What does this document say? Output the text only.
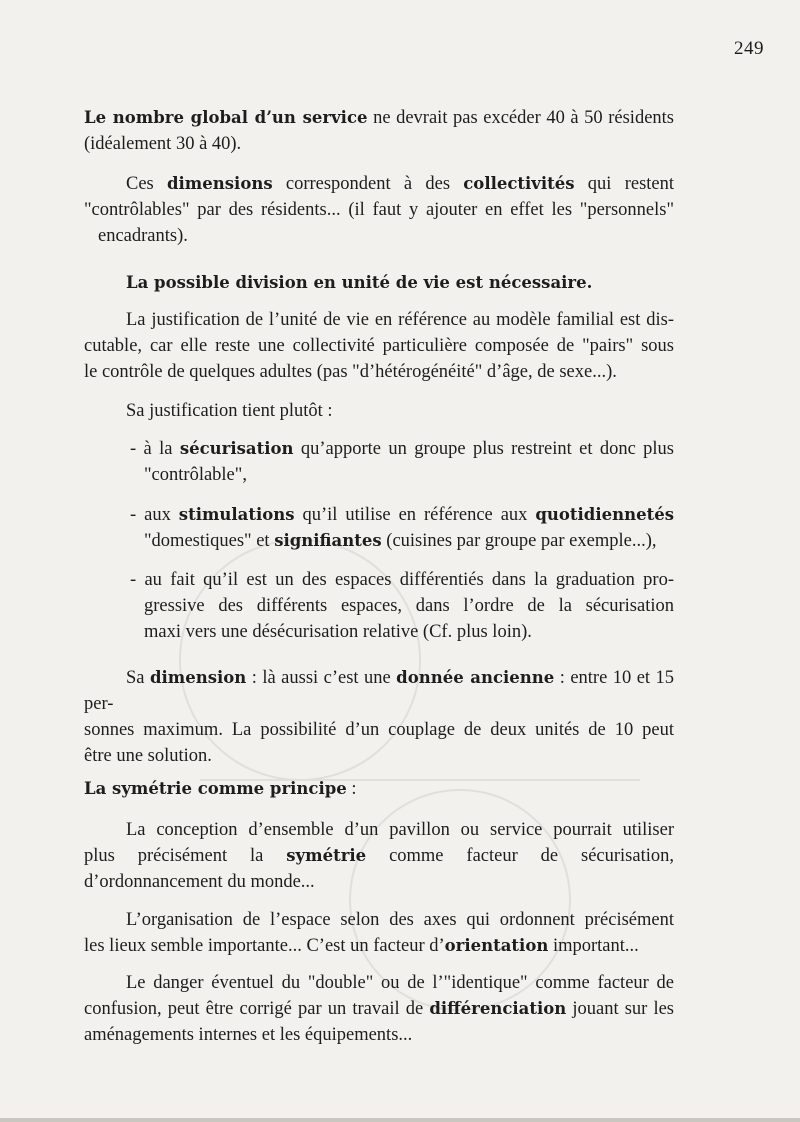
249
Le nombre global d’un service ne devrait pas excéder 40 à 50 résidents
(idéalement 30 à 40).
Ces dimensions correspondent à des collectivités qui restent
"contrôlables" par des résidents... (il faut y ajouter en effet les "personnels"
encadrants).
La possible division en unité de vie est nécessaire.
La justification de l’unité de vie en référence au modèle familial est dis-
cutable, car elle reste une collectivité particulière composée de "pairs" sous
le contrôle de quelques adultes (pas "d’hétérogénéité" d’âge, de sexe...).
Sa justification tient plutôt :
- à la sécurisation qu’apporte un groupe plus restreint et donc plus
"contrôlable",
- aux stimulations qu’il utilise en référence aux quotidiennetés
"domestiques" et signifiantes (cuisines par groupe par exemple...),
- au fait qu’il est un des espaces différentiés dans la graduation pro-
gressive des différents espaces, dans l’ordre de la sécurisation
maxi vers une désécurisation relative (Cf. plus loin).
Sa dimension : là aussi c’est une donnée ancienne : entre 10 et 15 per-
sonnes maximum. La possibilité d’un couplage de deux unités de 10 peut
être une solution.
La symétrie comme principe :
La conception d’ensemble d’un pavillon ou service pourrait utiliser
plus précisément la symétrie comme facteur de sécurisation,
d’ordonnancement du monde...
L’organisation de l’espace selon des axes qui ordonnent précisément
les lieux semble importante... C’est un facteur d’orientation important...
Le danger éventuel du "double" ou de l’"identique" comme facteur de
confusion, peut être corrigé par un travail de différenciation jouant sur les
aménagements internes et les équipements...
